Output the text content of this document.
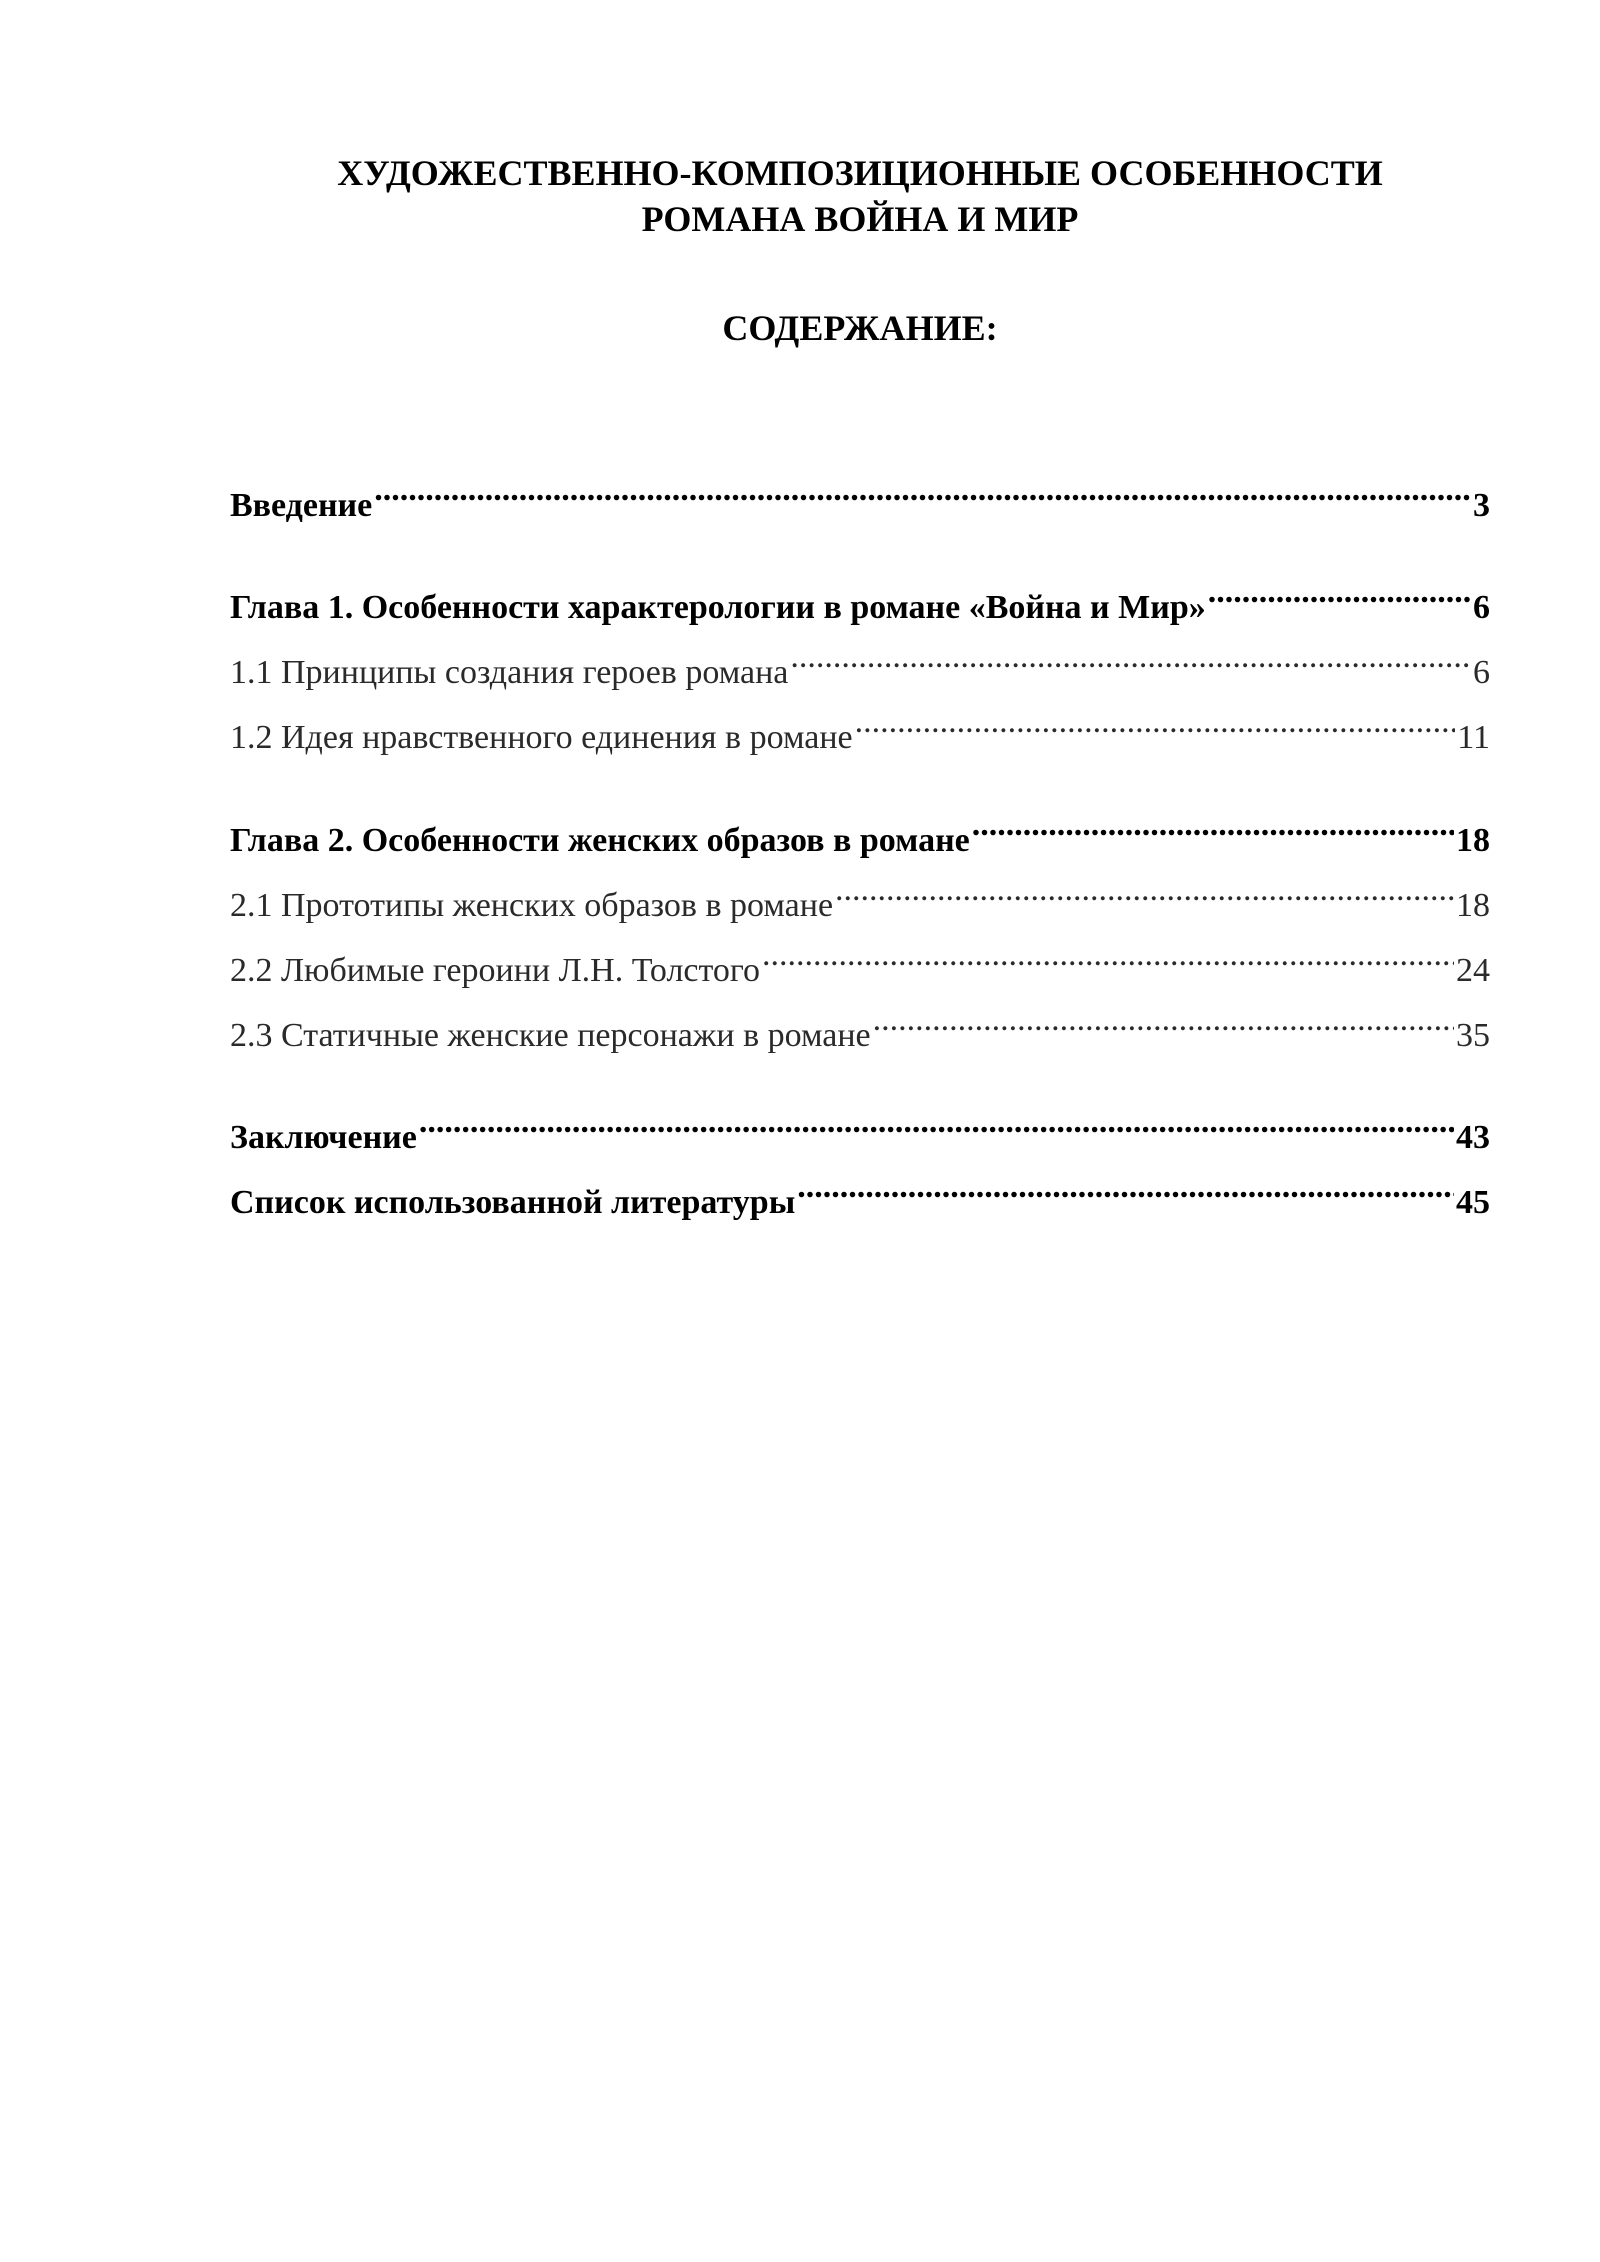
ХУДОЖЕСТВЕННО-КОМПОЗИЦИОННЫЕ ОСОБЕННОСТИ
РОМАНА ВОЙНА И МИР
СОДЕРЖАНИЕ:
Введение .....	3
Глава 1. Особенности характерологии в романе «Война и Мир» .....	6
1.1 Принципы создания героев романа .....	6
1.2 Идея нравственного единения в романе .....	11
Глава 2. Особенности женских образов в романе .....	18
2.1 Прототипы женских образов в романе .....	18
2.2 Любимые героини Л.Н. Толстого .....	24
2.3 Статичные женские персонажи в романе .....	35
Заключение .....	43
Список использованной литературы .....	45
